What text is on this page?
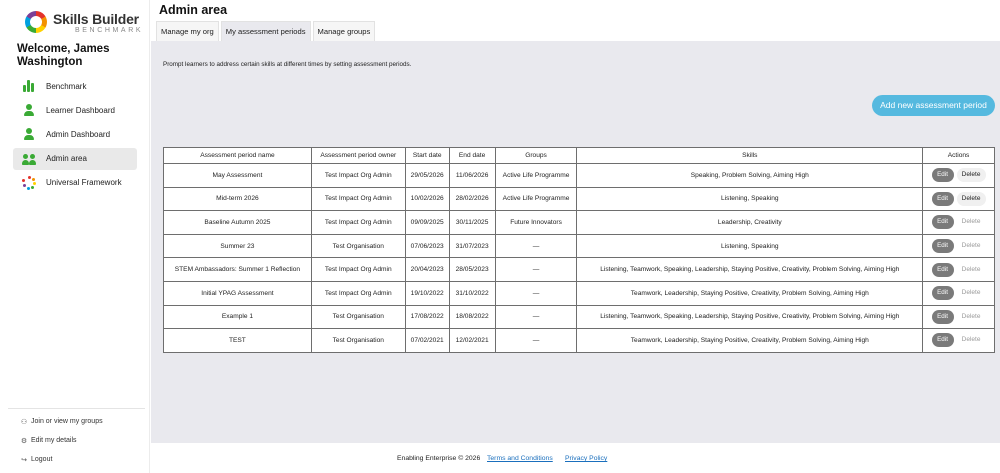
Skills Builder
BENCHMARK
Welcome, James Washington
Benchmark
Learner Dashboard
Admin Dashboard
Admin area
Universal Framework
⚇ Join or view my groups
⚙ Edit my details
↪ Logout
Admin area
Manage my org	My assessment periods	Manage groups

Prompt learners to address certain skills at different times by setting assessment periods.

Add new assessment period
Assessment period name	Assessment period owner	Start date	End date	Groups	Skills	Actions
May Assessment	Test Impact Org Admin	29/05/2026	11/06/2026	Active Life Programme	Speaking, Problem Solving, Aiming High	Edit Delete

Mid-term 2026	Test Impact Org Admin	10/02/2026	28/02/2026	Active Life Programme	Listening, Speaking	Edit Delete

Baseline Autumn 2025	Test Impact Org Admin	09/09/2025	30/11/2025	Future Innovators	Leadership, Creativity	Edit Delete

Summer 23	Test Organisation	07/06/2023	31/07/2023	—	Listening, Speaking	Edit Delete

STEM Ambassadors: Summer 1 Reflection	Test Impact Org Admin	20/04/2023	28/05/2023	—	Listening, Teamwork, Speaking, Leadership, Staying Positive, Creativity, Problem Solving, Aiming High	Edit Delete

Initial YPAG Assessment	Test Impact Org Admin	19/10/2022	31/10/2022	—	Teamwork, Leadership, Staying Positive, Creativity, Problem Solving, Aiming High	Edit Delete

Example 1	Test Organisation	17/08/2022	18/08/2022	—	Listening, Teamwork, Speaking, Leadership, Staying Positive, Creativity, Problem Solving, Aiming High	Edit Delete

TEST	Test Organisation	07/02/2021	12/02/2021	—	Teamwork, Leadership, Staying Positive, Creativity, Problem Solving, Aiming High	Edit Delete
Enabling Enterprise © 2026 Terms and Conditions Privacy Policy
